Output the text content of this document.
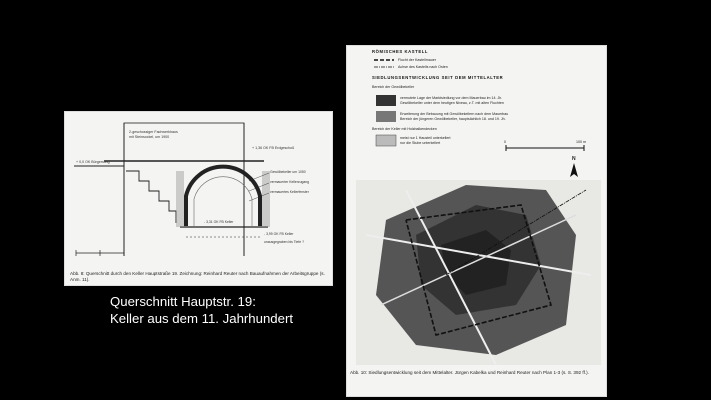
2-geschossiger Fachwerkhaus
mit Steinsockel, um 1900
+ 1,36 OK FB Erdgeschoß
+ 0,0 OK Bürgersteig
Gewölbekeller um 1050
vermauerter Kellerzugang
vermauertes Kellerfenster
- 3,31 OK FB Keller
- 3,99 OK FB Keller
unausgegraben bis Tiefe ?
Abb. 8: Querschnitt durch den Keller Hauptstraße 19. Zeichnung: Reinhard Reuter nach Bauaufnahmen der Arbeitsgruppe (s. Anm. 11).
RÖMISCHES KASTELL
Flucht der Kastellmauer
Achse des Kastells nach Osten
SIEDLUNGSENTWICKLUNG SEIT DEM MITTELALTER
Bereich der Gewölbekeller
vermutete Lage der Marktsiedlung vor dem Mauerbau im 14. Jh.
Gewölbekeller unter dem heutigen Niveau, z.T. mit alten Fluchten
Erweiterung der Bebauung mit Gewölbekellern nach dem Mauerbau
Bereich der jüngeren Gewölbekeller, hauptsächlich 18. und 19. Jh.
Bereich der Keller mit Holzbalkendecken
meist nur 1 Hausteil unterkellert
nur die Stube unterkellert	0	100 m
N
Abb. 10: Siedlungsentwicklung seit dem Mittelalter. Jürgen Kabelka und Reinhard Reuter nach Plan 1-3 (s. S. 392 ff.).
Querschnitt Hauptstr. 19:
Keller aus dem 11. Jahrhundert
